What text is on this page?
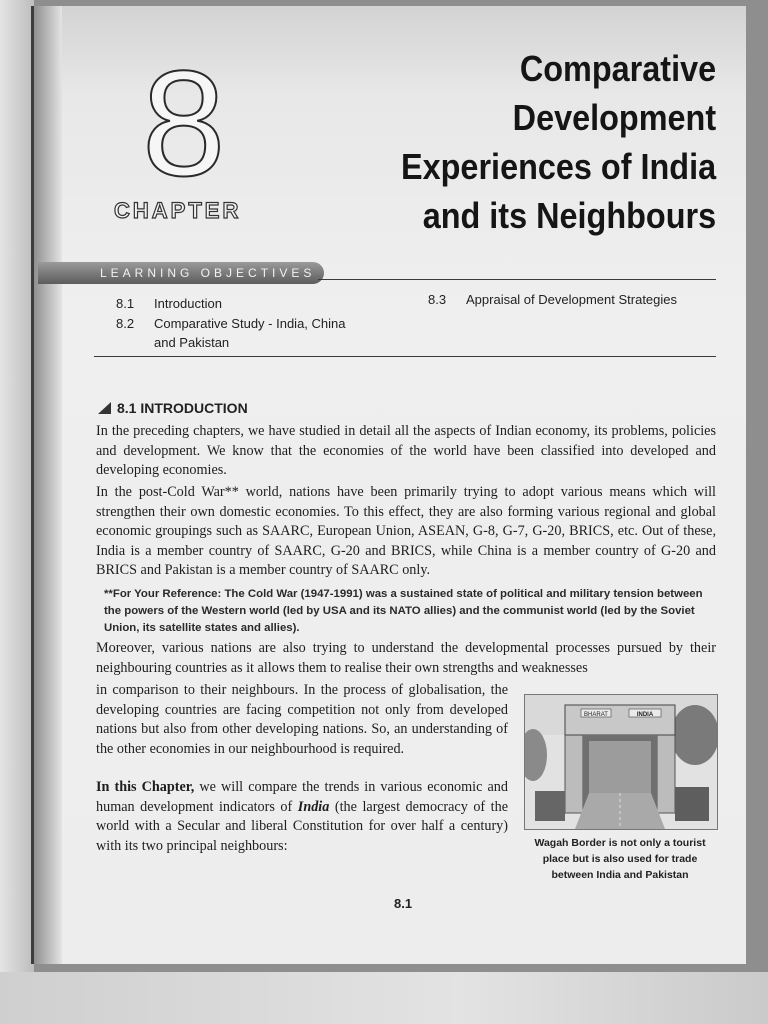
8
CHAPTER
Comparative
Development
Experiences of India
and its Neighbours
LEARNING OBJECTIVES
8.1 Introduction
8.2 Comparative Study - India, China
and Pakistan
8.3 Appraisal of Development Strategies
8.1 INTRODUCTION
In the preceding chapters, we have studied in detail all the aspects of Indian economy, its problems, policies and development. We know that the economies of the world have been classified into developed and developing economies.
In the post-Cold War** world, nations have been primarily trying to adopt various means which will strengthen their own domestic economies. To this effect, they are also forming various regional and global economic groupings such as SAARC, European Union, ASEAN, G-8, G-7, G-20, BRICS, etc. Out of these, India is a member country of SAARC, G-20 and BRICS, while China is a member country of G-20 and BRICS and Pakistan is a member country of SAARC only.
**For Your Reference: The Cold War (1947-1991) was a sustained state of political and military tension between the powers of the Western world (led by USA and its NATO allies) and the communist world (led by the Soviet Union, its satellite states and allies).
Moreover, various nations are also trying to understand the developmental processes pursued by their neighbouring countries as it allows them to realise their own strengths and weaknesses
in comparison to their neighbours. In the process of globalisation, the developing countries are facing competition not only from developed nations but also from other developing nations. So, an understanding of the other economies in our neighbourhood is required.
In this Chapter, we will compare the trends in various economic and human development indicators of India (the largest democracy of the world with a Secular and liberal Constitution for over half a century) with its two principal neighbours:
BHARAT	INDIA
Wagah Border is not only a tourist place but is also used for trade between India and Pakistan
8.1
